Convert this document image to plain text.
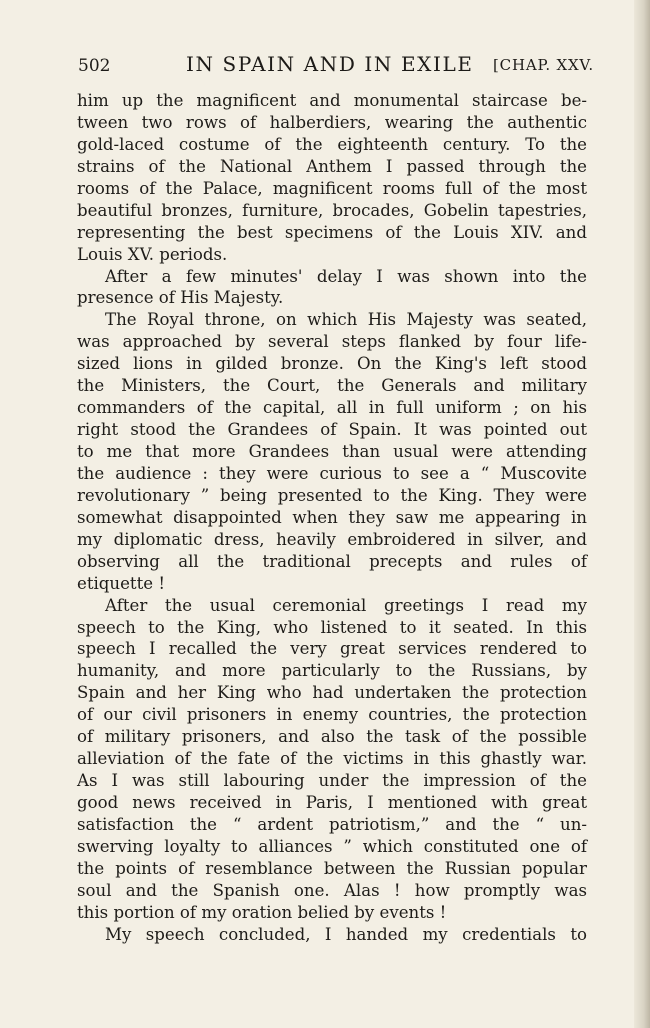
502	IN SPAIN AND IN EXILE [CHAP. XXV.
him up the magnificent and monumental staircase be-
tween two rows of halberdiers, wearing the authentic
gold-laced costume of the eighteenth century. To the
strains of the National Anthem I passed through the
rooms of the Palace, magnificent rooms full of the most
beautiful bronzes, furniture, brocades, Gobelin tapestries,
representing the best specimens of the Louis XIV. and
Louis XV. periods.
After a few minutes' delay I was shown into the
presence of His Majesty.
The Royal throne, on which His Majesty was seated,
was approached by several steps flanked by four life-
sized lions in gilded bronze. On the King's left stood
the Ministers, the Court, the Generals and military
commanders of the capital, all in full uniform ; on his
right stood the Grandees of Spain. It was pointed out
to me that more Grandees than usual were attending
the audience : they were curious to see a “ Muscovite
revolutionary ” being presented to the King. They were
somewhat disappointed when they saw me appearing in
my diplomatic dress, heavily embroidered in silver, and
observing all the traditional precepts and rules of
etiquette !
After the usual ceremonial greetings I read my
speech to the King, who listened to it seated. In this
speech I recalled the very great services rendered to
humanity, and more particularly to the Russians, by
Spain and her King who had undertaken the protection
of our civil prisoners in enemy countries, the protection
of military prisoners, and also the task of the possible
alleviation of the fate of the victims in this ghastly war.
As I was still labouring under the impression of the
good news received in Paris, I mentioned with great
satisfaction the “ ardent patriotism,” and the “ un-
swerving loyalty to alliances ” which constituted one of
the points of resemblance between the Russian popular
soul and the Spanish one. Alas ! how promptly was
this portion of my oration belied by events !
My speech concluded, I handed my credentials to
